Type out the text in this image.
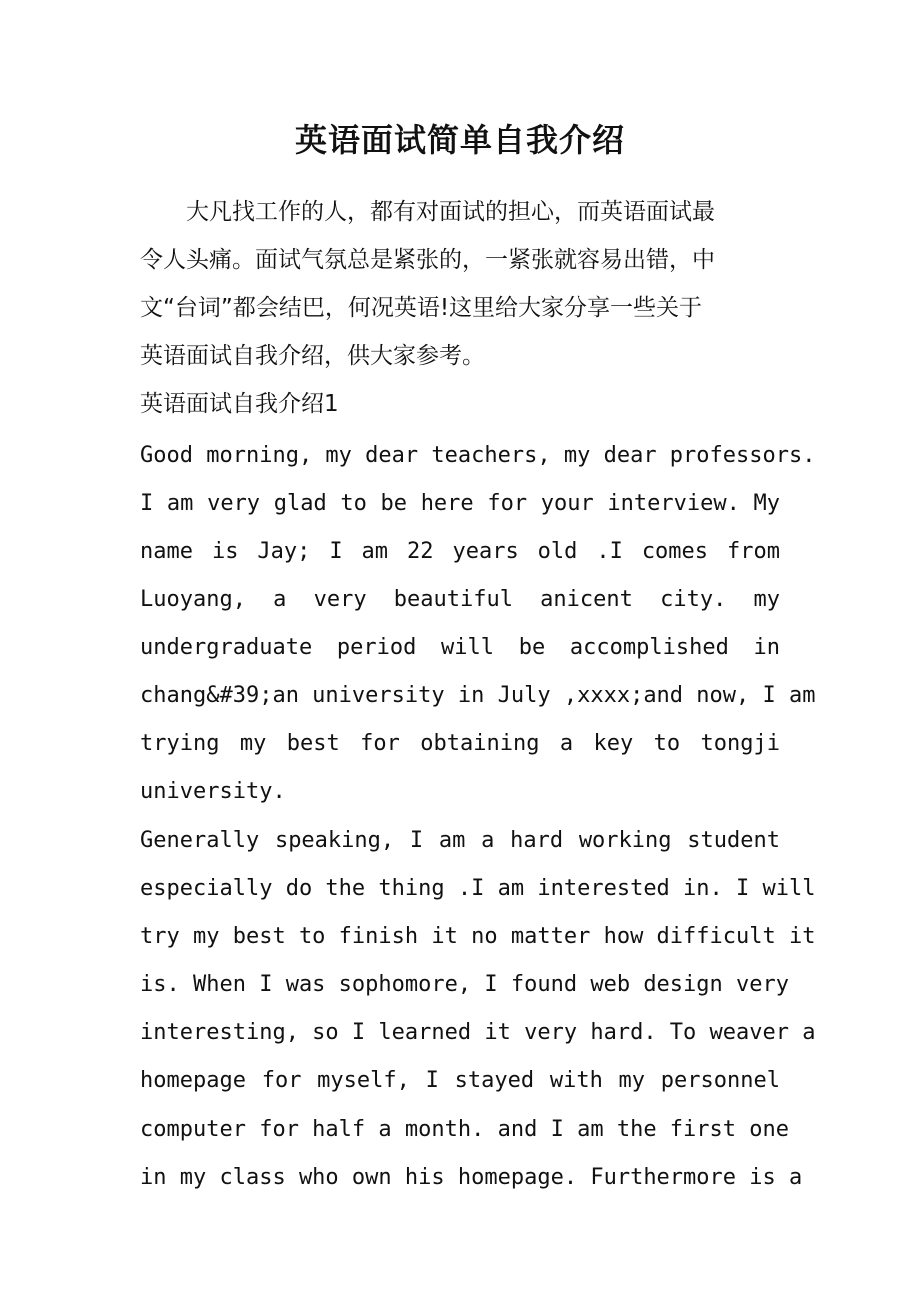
英语面试简单自我介绍
　　大凡找工作的人，都有对面试的担心，而英语面试最
令人头痛。面试气氛总是紧张的，一紧张就容易出错，中
文“台词”都会结巴，何况英语!这里给大家分享一些关于
英语面试自我介绍，供大家参考。
英语面试自我介绍1
Good morning, my dear teachers, my dear professors.
I am very glad to be here for your interview. My
name is Jay; I am 22 years old .I comes from
Luoyang, a very beautiful anicent city. my
undergraduate period will be accomplished in
chang&#39;an university in July ,xxxx;and now, I am
trying my best for obtaining a key to tongji
university.
Generally speaking, I am a hard working student
especially do the thing .I am interested in. I will
try my best to finish it no matter how difficult it
is. When I was sophomore, I found web design very
interesting, so I learned it very hard. To weaver a
homepage for myself, I stayed with my personnel
computer for half a month. and I am the first one
in my class who own his homepage. Furthermore is a
